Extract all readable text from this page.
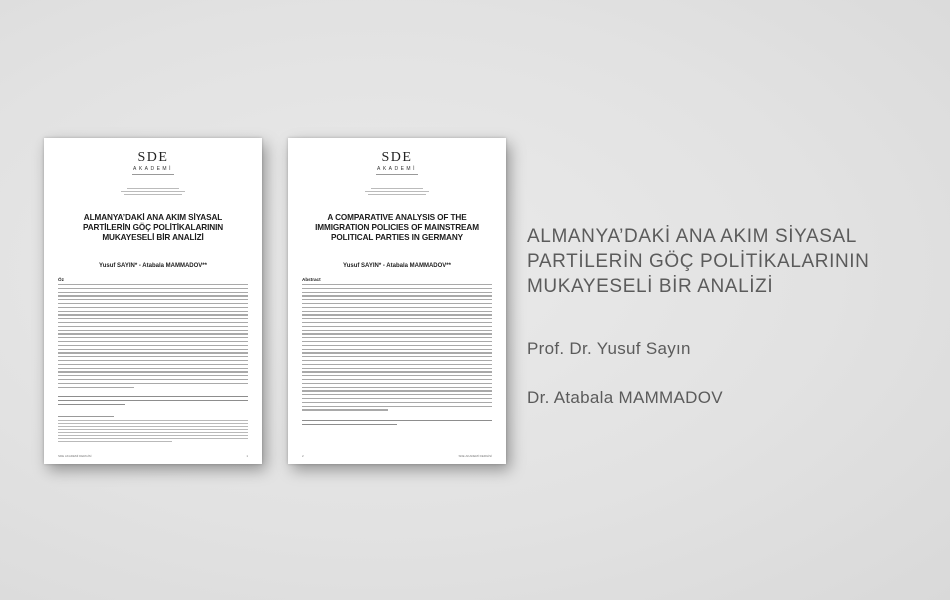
SDE
AKADEMİ
ALMANYA’DAKİ ANA AKIM SİYASAL
PARTİLERİN GÖÇ POLİTİKALARININ
MUKAYESELİ BİR ANALİZİ
Yusuf SAYIN* - Atabala MAMMADOV**
Öz
SDE AKADEMİ DERGİSİ	1
SDE
AKADEMİ
A COMPARATIVE ANALYSIS OF THE
IMMIGRATION POLICIES OF MAINSTREAM
POLITICAL PARTIES IN GERMANY
Yusuf SAYIN* - Atabala MAMMADOV**
Abstract
2	SDE AKADEMİ DERGİSİ
ALMANYA’DAKİ ANA AKIM SİYASAL
PARTİLERİN GÖÇ POLİTİKALARININ
MUKAYESELİ BİR ANALİZİ
Prof. Dr. Yusuf Sayın
Dr. Atabala MAMMADOV
